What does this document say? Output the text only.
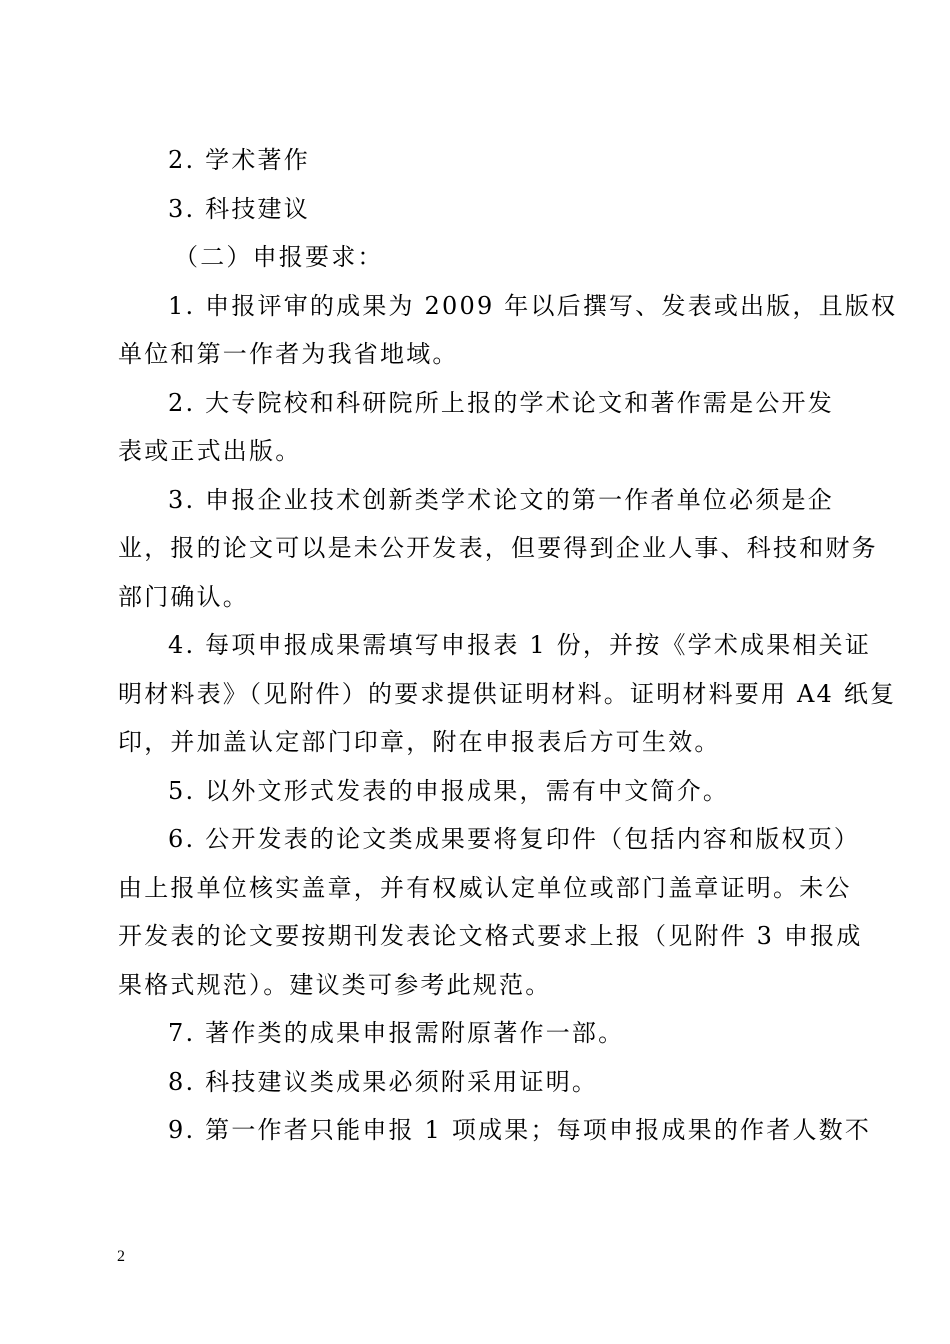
2. 学术著作
3. 科技建议
（二）申报要求：
1. 申报评审的成果为 2009 年以后撰写、发表或出版，且版权
单位和第一作者为我省地域。
2. 大专院校和科研院所上报的学术论文和著作需是公开发
表或正式出版。
3. 申报企业技术创新类学术论文的第一作者单位必须是企
业，报的论文可以是未公开发表，但要得到企业人事、科技和财务
部门确认。
4. 每项申报成果需填写申报表 1 份，并按《学术成果相关证
明材料表》（见附件）的要求提供证明材料。证明材料要用 A4 纸复
印，并加盖认定部门印章，附在申报表后方可生效。
5. 以外文形式发表的申报成果，需有中文简介。
6. 公开发表的论文类成果要将复印件（包括内容和版权页）
由上报单位核实盖章，并有权威认定单位或部门盖章证明。未公
开发表的论文要按期刊发表论文格式要求上报（见附件 3 申报成
果格式规范）。建议类可参考此规范。
7. 著作类的成果申报需附原著作一部。
8. 科技建议类成果必须附采用证明。
9. 第一作者只能申报 1 项成果；每项申报成果的作者人数不
2
